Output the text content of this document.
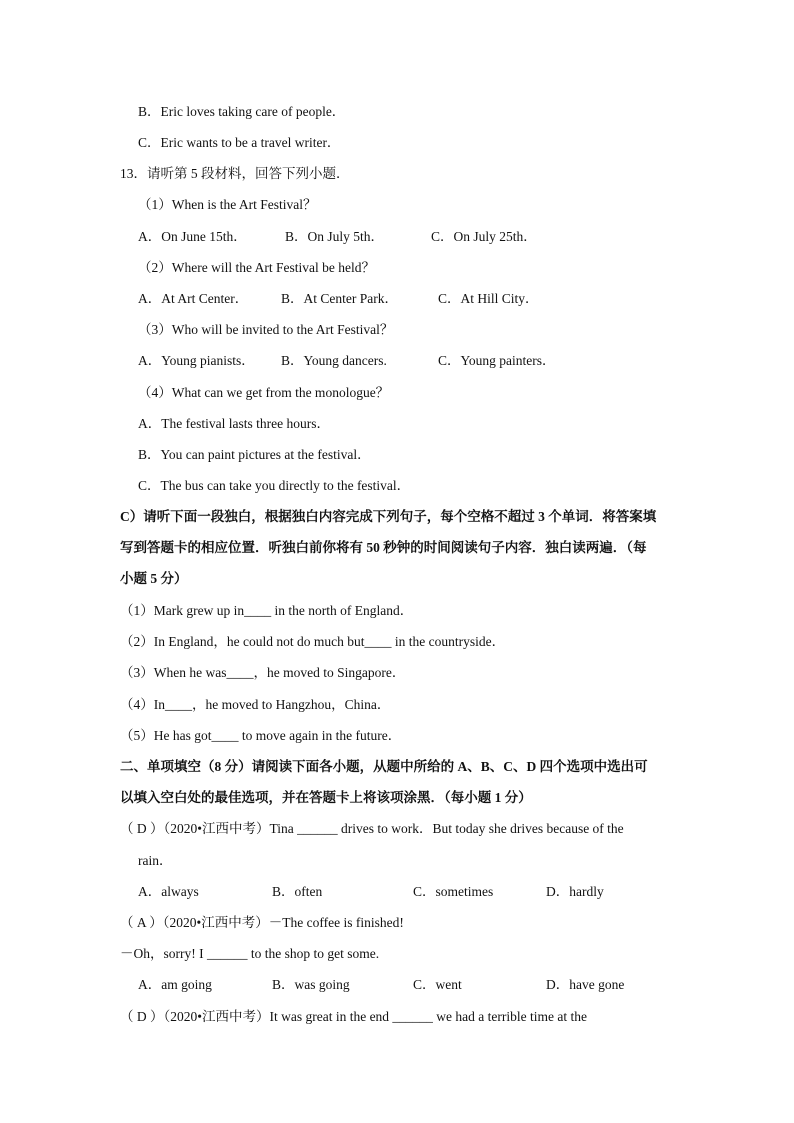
B．Eric loves taking care of people．
C．Eric wants to be a travel writer．
13．请听第 5 段材料，回答下列小题．
（1）When is the Art Festival？
A．On June 15th．	B．On July 5th．	C．On July 25th．
（2）Where will the Art Festival be held？
A．At Art Center． B．At Center Park．	C．At Hill City．
（3）Who will be invited to the Art Festival？
A．Young pianists． B．Young dancers.	C．Young painters．
（4）What can we get from the monologue？
A．The festival lasts three hours．
B．You can paint pictures at the festival．
C．The bus can take you directly to the festival．
C）请听下面一段独白，根据独白内容完成下列句子，每个空格不超过 3 个单词．将答案填
写到答题卡的相应位置．听独白前你将有 50 秒钟的时间阅读句子内容．独白读两遍．（每
小题 5 分）
（1）Mark grew up in____ in the north of England．
（2）In England，he could not do much but____ in the countryside．
（3）When he was____，he moved to Singapore．
（4）In____，he moved to Hangzhou，China．
（5）He has got____ to move again in the future．
二、单项填空（8 分）请阅读下面各小题，从题中所给的 A、B、C、D 四个选项中选出可
以填入空白处的最佳选项，并在答题卡上将该项涂黑．（每小题 1 分）
（ D ）（2020•江西中考）Tina ______ drives to work．But today she drives because of the
rain．
A．always	B．often	C．sometimes	D．hardly
（ A ）（2020•江西中考）－The coffee is finished!
－Oh，sorry! I ______ to the shop to get some.
A．am going	B．was going	C．went	D．have gone
（ D ）（2020•江西中考）It was great in the end ______ we had a terrible time at the
